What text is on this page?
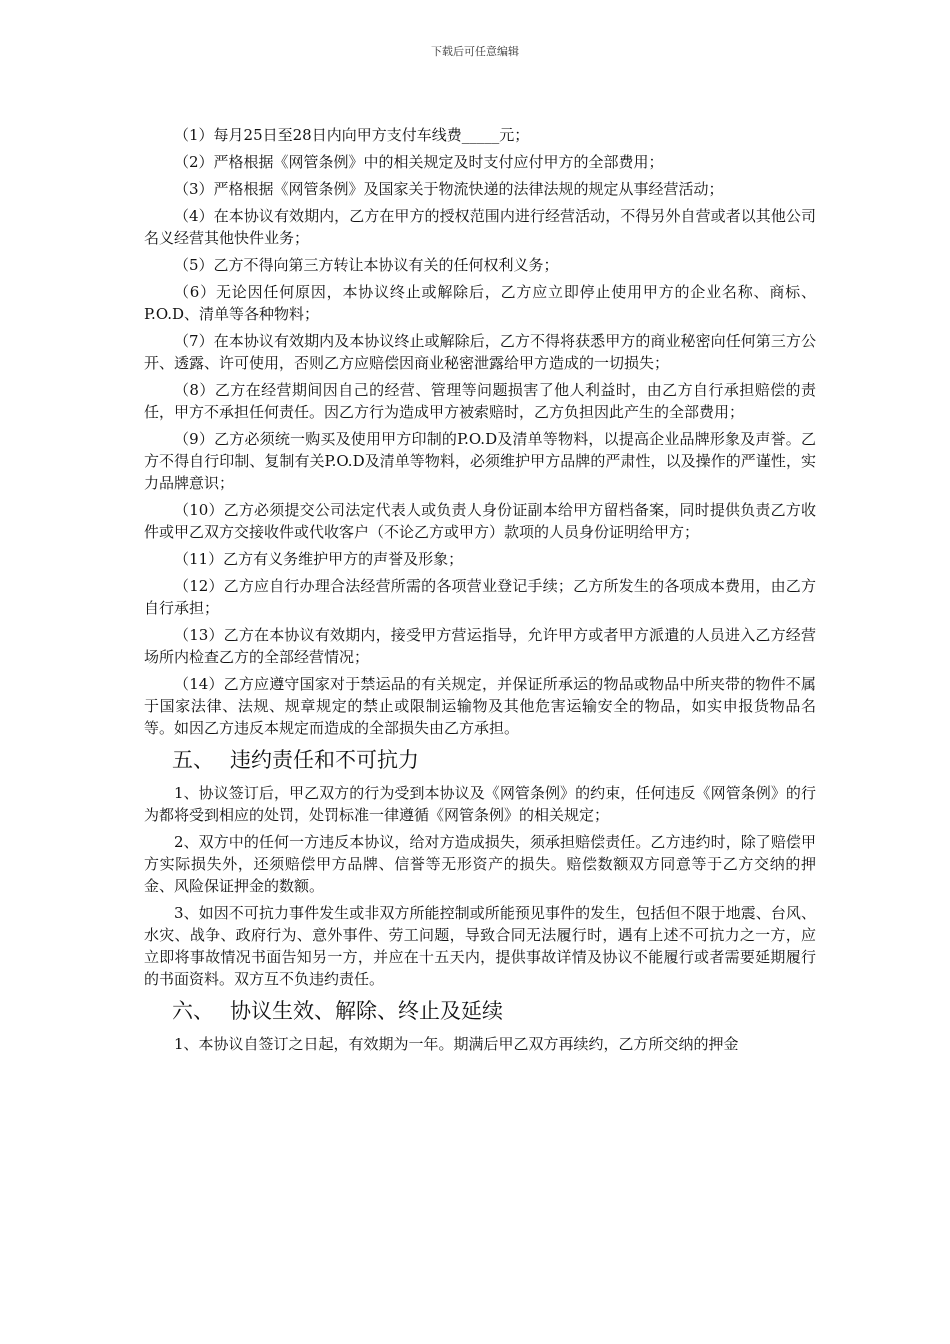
下载后可任意编辑

（1）每月25日至28日内向甲方支付车线费_____元；

（2）严格根据《网管条例》中的相关规定及时支付应付甲方的全部费用；

（3）严格根据《网管条例》及国家关于物流快递的法律法规的规定从事经营活动；

（4）在本协议有效期内，乙方在甲方的授权范围内进行经营活动，不得另外自营或者以其他公司名义经营其他快件业务；

（5）乙方不得向第三方转让本协议有关的任何权利义务；

（6）无论因任何原因，本协议终止或解除后，乙方应立即停止使用甲方的企业名称、商标、P.O.D、清单等各种物料；

（7）在本协议有效期内及本协议终止或解除后，乙方不得将获悉甲方的商业秘密向任何第三方公开、透露、许可使用，否则乙方应赔偿因商业秘密泄露给甲方造成的一切损失；

（8）乙方在经营期间因自己的经营、管理等问题损害了他人利益时，由乙方自行承担赔偿的责任，甲方不承担任何责任。因乙方行为造成甲方被索赔时，乙方负担因此产生的全部费用；

（9）乙方必须统一购买及使用甲方印制的P.O.D及清单等物料，以提高企业品牌形象及声誉。乙方不得自行印制、复制有关P.O.D及清单等物料，必须维护甲方品牌的严肃性，以及操作的严谨性，实力品牌意识；

（10）乙方必须提交公司法定代表人或负责人身份证副本给甲方留档备案，同时提供负责乙方收件或甲乙双方交接收件或代收客户（不论乙方或甲方）款项的人员身份证明给甲方；

（11）乙方有义务维护甲方的声誉及形象；

（12）乙方应自行办理合法经营所需的各项营业登记手续；乙方所发生的各项成本费用，由乙方自行承担；

（13）乙方在本协议有效期内，接受甲方营运指导，允许甲方或者甲方派遣的人员进入乙方经营场所内检查乙方的全部经营情况；

（14）乙方应遵守国家对于禁运品的有关规定，并保证所承运的物品或物品中所夹带的物件不属于国家法律、法规、规章规定的禁止或限制运输物及其他危害运输安全的物品，如实申报货物品名等。如因乙方违反本规定而造成的全部损失由乙方承担。

五、 违约责任和不可抗力

1、协议签订后，甲乙双方的行为受到本协议及《网管条例》的约束，任何违反《网管条例》的行为都将受到相应的处罚，处罚标准一律遵循《网管条例》的相关规定；

2、双方中的任何一方违反本协议，给对方造成损失，须承担赔偿责任。乙方违约时，除了赔偿甲方实际损失外，还须赔偿甲方品牌、信誉等无形资产的损失。赔偿数额双方同意等于乙方交纳的押金、风险保证押金的数额。

3、如因不可抗力事件发生或非双方所能控制或所能预见事件的发生，包括但不限于地震、台风、水灾、战争、政府行为、意外事件、劳工问题，导致合同无法履行时，遇有上述不可抗力之一方，应立即将事故情况书面告知另一方，并应在十五天内，提供事故详情及协议不能履行或者需要延期履行的书面资料。双方互不负违约责任。

六、 协议生效、解除、终止及延续

1、本协议自签订之日起，有效期为一年。期满后甲乙双方再续约，乙方所交纳的押金
